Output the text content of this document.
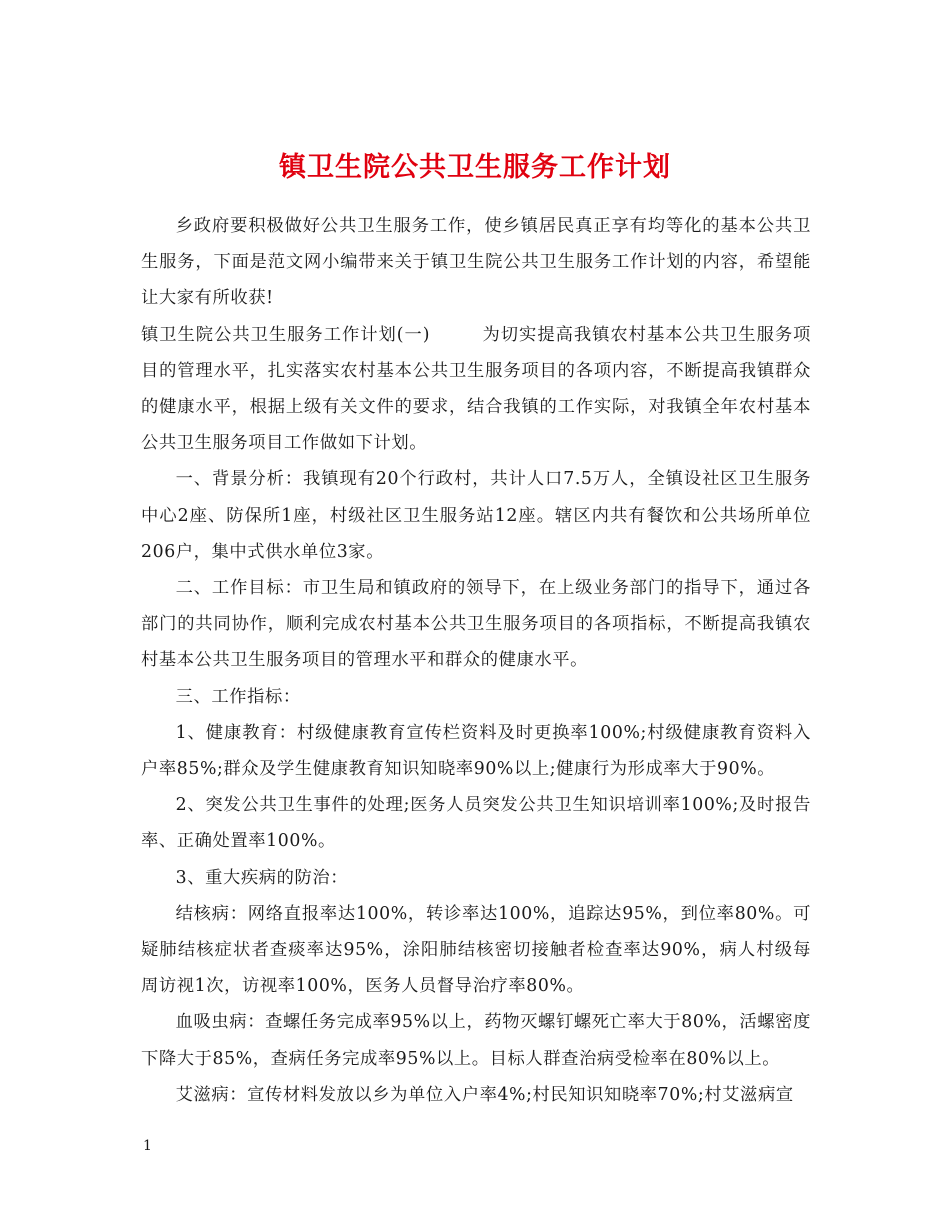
镇卫生院公共卫生服务工作计划

乡政府要积极做好公共卫生服务工作，使乡镇居民真正享有均等化的基本公共卫生服务，下面是范文网小编带来关于镇卫生院公共卫生服务工作计划的内容，希望能让大家有所收获!

镇卫生院公共卫生服务工作计划(一)	为切实提高我镇农村基本公共卫生服务项目的管理水平，扎实落实农村基本公共卫生服务项目的各项内容，不断提高我镇群众的健康水平，根据上级有关文件的要求，结合我镇的工作实际，对我镇全年农村基本公共卫生服务项目工作做如下计划。

一、背景分析：我镇现有20个行政村，共计人口7.5万人，全镇设社区卫生服务中心2座、防保所1座，村级社区卫生服务站12座。辖区内共有餐饮和公共场所单位206户，集中式供水单位3家。

二、工作目标：市卫生局和镇政府的领导下，在上级业务部门的指导下，通过各部门的共同协作，顺利完成农村基本公共卫生服务项目的各项指标，不断提高我镇农村基本公共卫生服务项目的管理水平和群众的健康水平。

三、工作指标：

1、健康教育：村级健康教育宣传栏资料及时更换率100%;村级健康教育资料入户率85%;群众及学生健康教育知识知晓率90%以上;健康行为形成率大于90%。

2、突发公共卫生事件的处理;医务人员突发公共卫生知识培训率100%;及时报告率、正确处置率100%。

3、重大疾病的防治：

结核病：网络直报率达100%，转诊率达100%，追踪达95%，到位率80%。可疑肺结核症状者查痰率达95%，涂阳肺结核密切接触者检查率达90%，病人村级每周访视1次，访视率100%，医务人员督导治疗率80%。

血吸虫病：查螺任务完成率95%以上，药物灭螺钉螺死亡率大于80%，活螺密度下降大于85%，查病任务完成率95%以上。目标人群查治病受检率在80%以上。

艾滋病：宣传材料发放以乡为单位入户率4%;村民知识知晓率70%;村艾滋病宣

1
